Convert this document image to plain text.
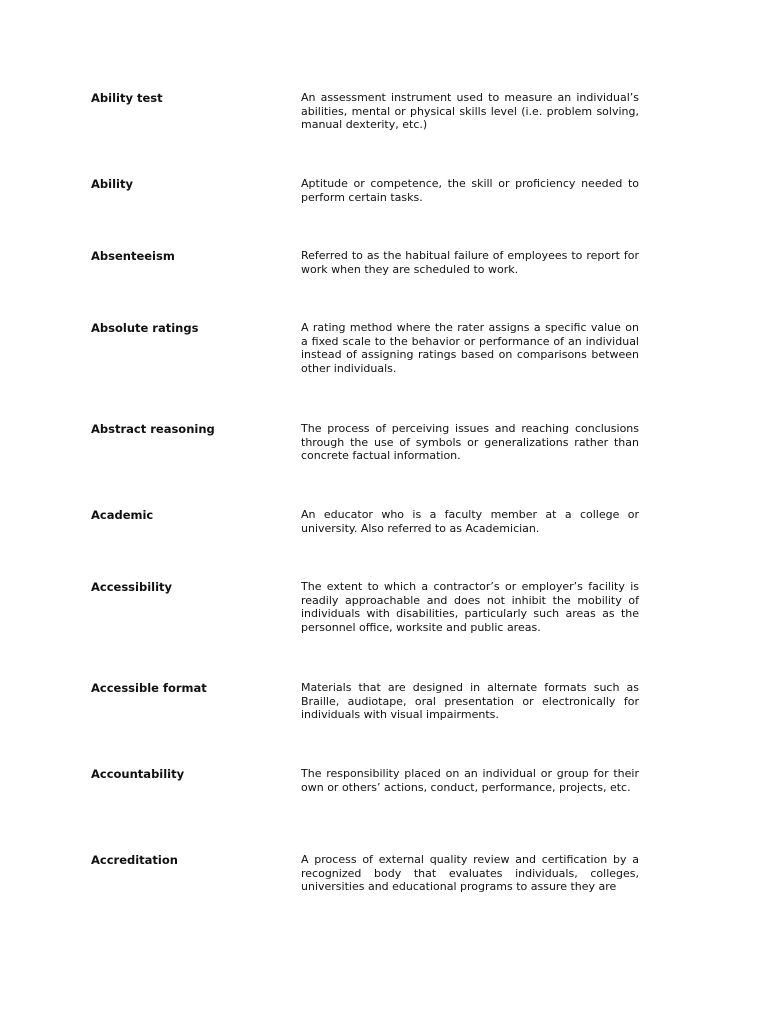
Ability test	An assessment instrument used to measure an individual’s abilities, mental or physical skills level (i.e. problem solving, manual dexterity, etc.)
Ability	Aptitude or competence, the skill or proficiency needed to perform certain tasks.
Absenteeism	Referred to as the habitual failure of employees to report for work when they are scheduled to work.
Absolute ratings	A rating method where the rater assigns a specific value on a fixed scale to the behavior or performance of an individual instead of assigning ratings based on comparisons between other individuals.
Abstract reasoning	The process of perceiving issues and reaching conclusions through the use of symbols or generalizations rather than concrete factual information.
Academic	An educator who is a faculty member at a college or university. Also referred to as Academician.
Accessibility	The extent to which a contractor’s or employer’s facility is readily approachable and does not inhibit the mobility of individuals with disabilities, particularly such areas as the personnel office, worksite and public areas.
Accessible format	Materials that are designed in alternate formats such as Braille, audiotape, oral presentation or electronically for individuals with visual impairments.
Accountability	The responsibility placed on an individual or group for their own or others’ actions, conduct, performance, projects, etc.
Accreditation	A process of external quality review and certification by a recognized body that evaluates individuals, colleges, universities and educational programs to assure they are
